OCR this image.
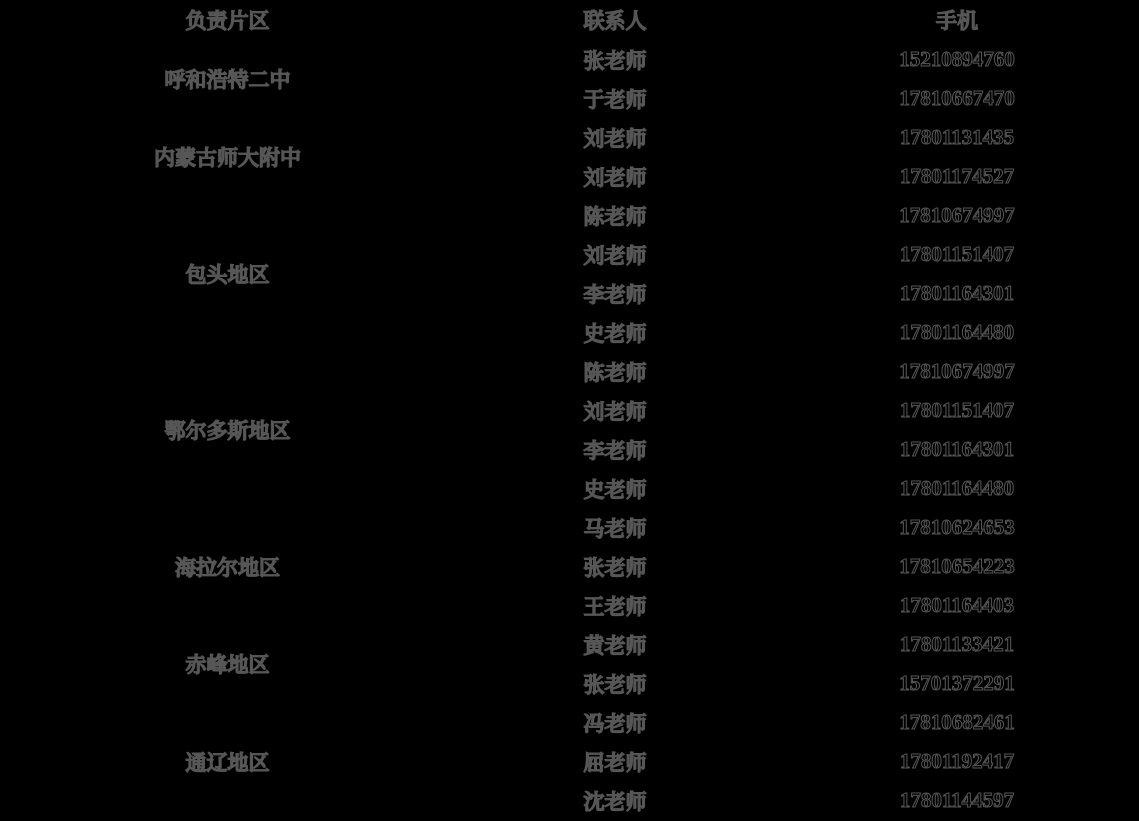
负责片区	联系人	手机
呼和浩特二中	张老师	15210894760
	于老师	17810667470
内蒙古师大附中	刘老师	17801131435
	刘老师	17801174527
包头地区	陈老师	17810674997
	刘老师	17801151407
	李老师	17801164301
	史老师	17801164480
鄂尔多斯地区	陈老师	17810674997
	刘老师	17801151407
	李老师	17801164301
	史老师	17801164480
海拉尔地区	马老师	17810624653
	张老师	17810654223
	王老师	17801164403
赤峰地区	黄老师	17801133421
	张老师	15701372291
通辽地区	冯老师	17810682461
	屈老师	17801192417
	沈老师	17801144597
